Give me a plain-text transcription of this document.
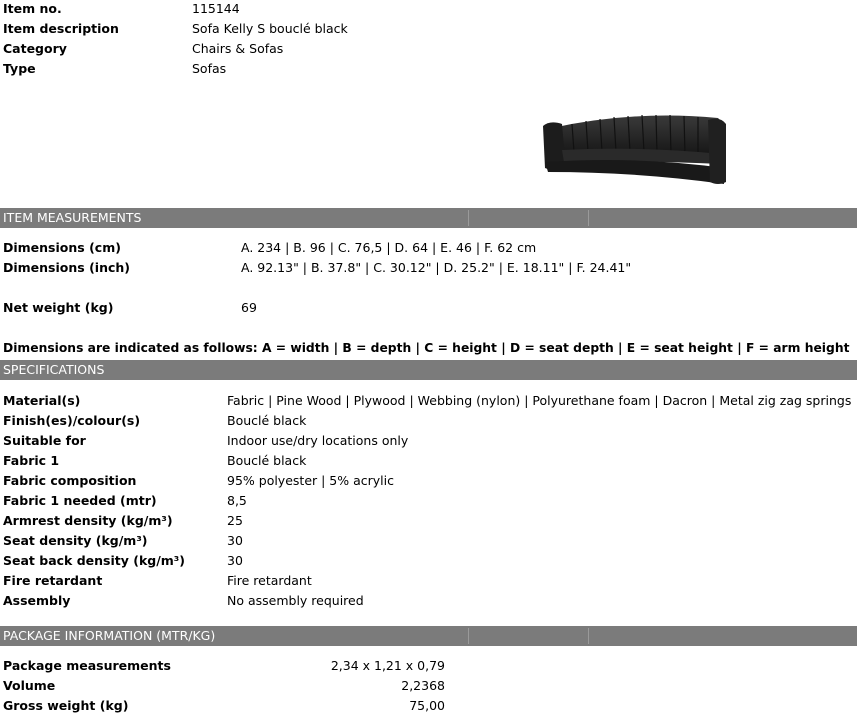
Item no.	115144
Item description	Sofa Kelly S bouclé black
Category	Chairs & Sofas
Type	Sofas
ITEM MEASUREMENTS
Dimensions (cm)	A. 234 | B. 96 | C. 76,5 | D. 64 | E. 46 | F. 62 cm
Dimensions (inch)	A. 92.13" | B. 37.8" | C. 30.12" | D. 25.2" | E. 18.11" | F. 24.41"
Net weight (kg)	69
Dimensions are indicated as follows: A = width | B = depth | C = height | D = seat depth | E = seat height | F = arm height
SPECIFICATIONS
Material(s)	Fabric | Pine Wood | Plywood | Webbing (nylon) | Polyurethane foam | Dacron | Metal zig zag springs
Finish(es)/colour(s)	Bouclé black
Suitable for	Indoor use/dry locations only
Fabric 1	Bouclé black
Fabric composition	95% polyester | 5% acrylic
Fabric 1 needed (mtr)	8,5
Armrest density (kg/m³)	25
Seat density (kg/m³)	30
Seat back density (kg/m³)	30
Fire retardant	Fire retardant
Assembly	No assembly required
PACKAGE INFORMATION (MTR/KG)
Package measurements	2,34 x 1,21 x 0,79
Volume	2,2368
Gross weight (kg)	75,00
